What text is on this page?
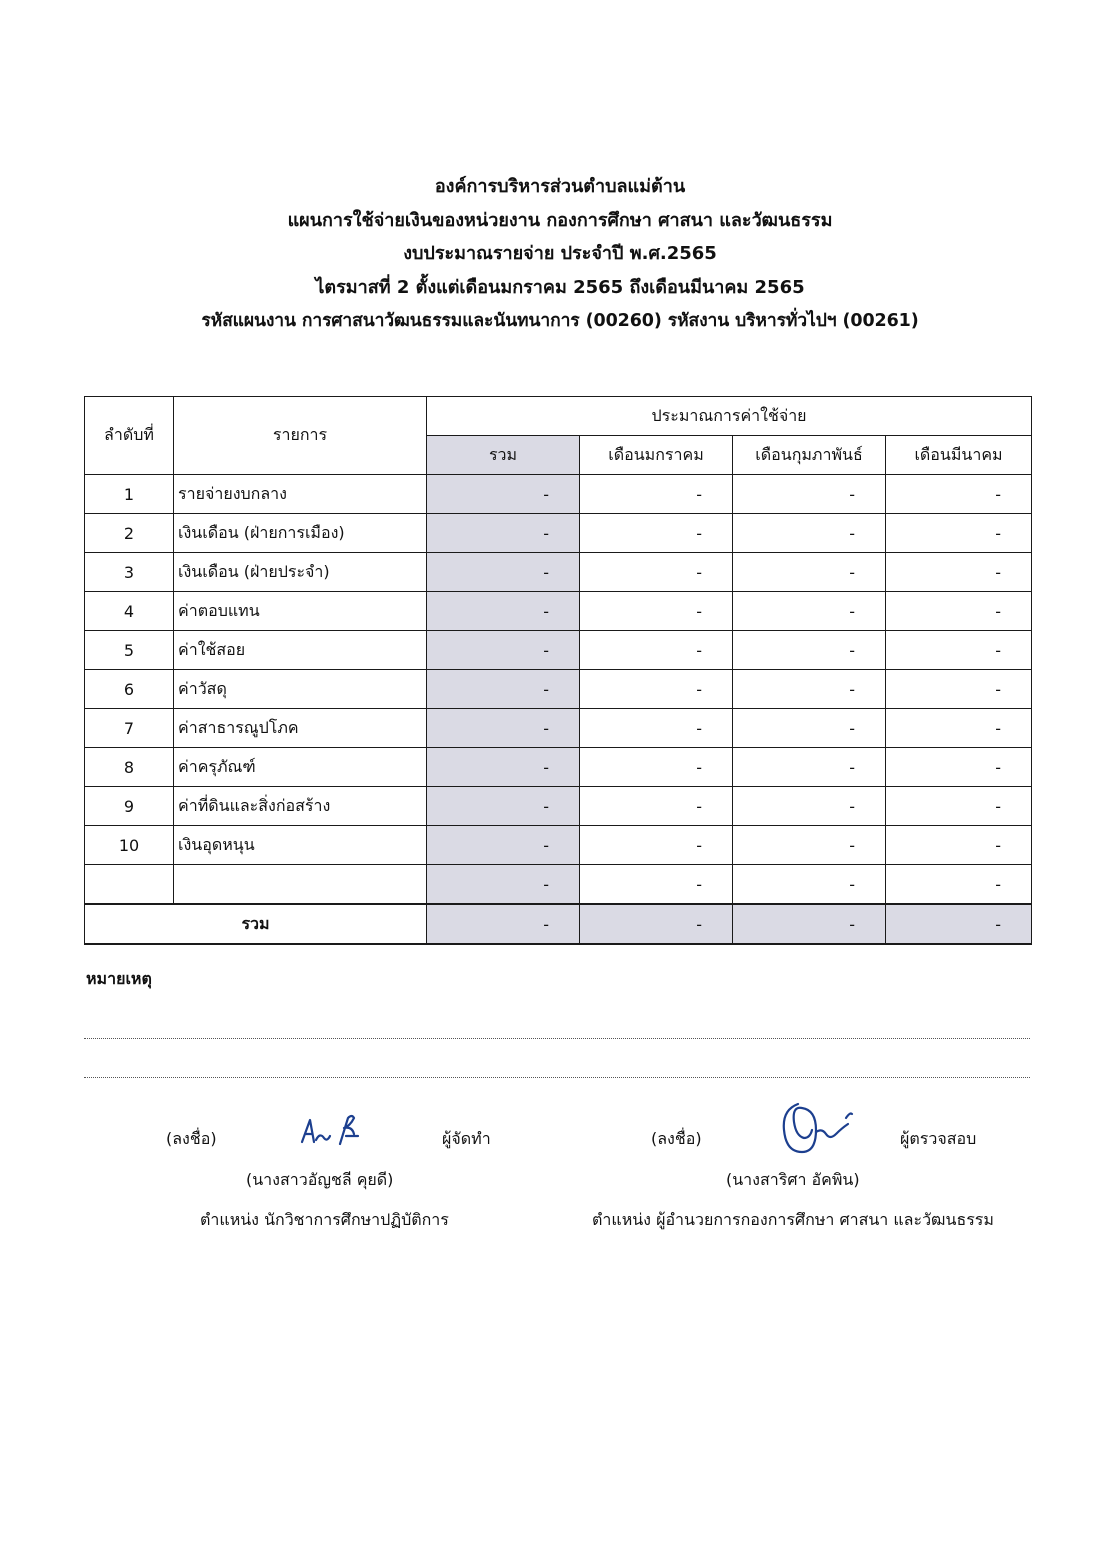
องค์การบริหารส่วนตำบลแม่ต้าน
แผนการใช้จ่ายเงินของหน่วยงาน กองการศึกษา ศาสนา และวัฒนธรรม
งบประมาณรายจ่าย ประจำปี พ.ศ.2565
ไตรมาสที่ 2 ตั้งแต่เดือนมกราคม 2565 ถึงเดือนมีนาคม 2565
รหัสแผนงาน การศาสนาวัฒนธรรมและนันทนาการ (00260) รหัสงาน บริหารทั่วไปฯ (00261)
ลำดับที่	รายการ	ประมาณการค่าใช้จ่าย			
		รวม	เดือนมกราคม	เดือนกุมภาพันธ์	เดือนมีนาคม
1	รายจ่ายงบกลาง	-	-	-	-
2	เงินเดือน (ฝ่ายการเมือง)	-	-	-	-
3	เงินเดือน (ฝ่ายประจำ)	-	-	-	-
4	ค่าตอบแทน	-	-	-	-
5	ค่าใช้สอย	-	-	-	-
6	ค่าวัสดุ	-	-	-	-
7	ค่าสาธารณูปโภค	-	-	-	-
8	ค่าครุภัณฑ์	-	-	-	-
9	ค่าที่ดินและสิ่งก่อสร้าง	-	-	-	-
10	เงินอุดหนุน	-	-	-	-
		-	-	-	-
รวม		-	-	-	-
หมายเหตุ
(ลงชื่อ)	ผู้จัดทำ
(นางสาวอัญชลี คุยดี)
ตำแหน่ง นักวิชาการศึกษาปฏิบัติการ
(ลงชื่อ)	ผู้ตรวจสอบ
(นางสาริศา อัคพิน)
ตำแหน่ง ผู้อำนวยการกองการศึกษา ศาสนา และวัฒนธรรม
